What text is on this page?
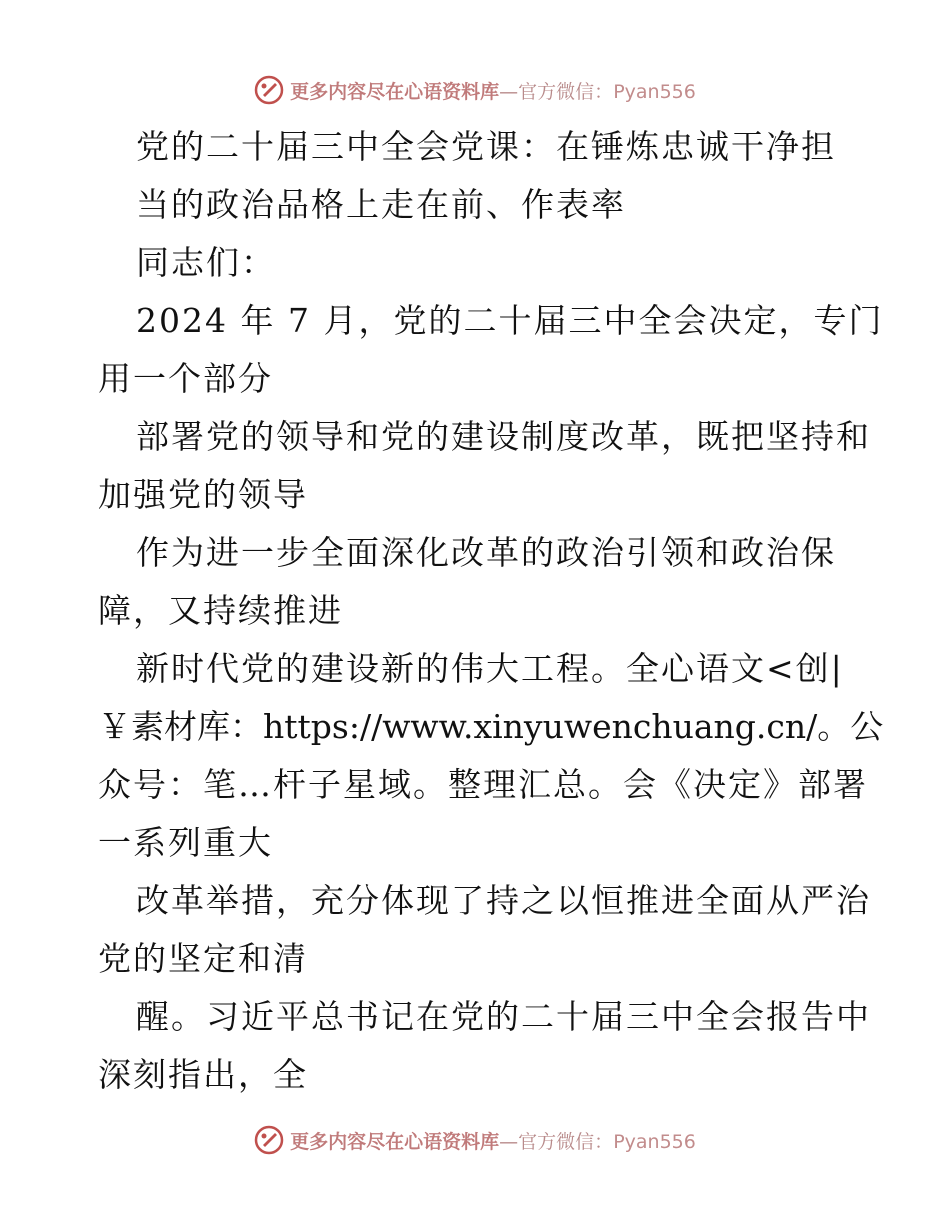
更多内容尽在心语资料库—官方微信：Pyan556
党的二十届三中全会党课：在锤炼忠诚干净担
当的政治品格上走在前、作表率
同志们：
2024 年 7 月，党的二十届三中全会决定，专门
用一个部分
部署党的领导和党的建设制度改革，既把坚持和
加强党的领导
作为进一步全面深化改革的政治引领和政治保
障，又持续推进
新时代党的建设新的伟大工程。全心语文<创|
￥素材库：https://www.xinyuwenchuang.cn/。公
众号：笔…杆子星域。整理汇总。会《决定》部署
一系列重大
改革举措，充分体现了持之以恒推进全面从严治
党的坚定和清
醒。习近平总书记在党的二十届三中全会报告中
深刻指出，全
更多内容尽在心语资料库—官方微信：Pyan556
